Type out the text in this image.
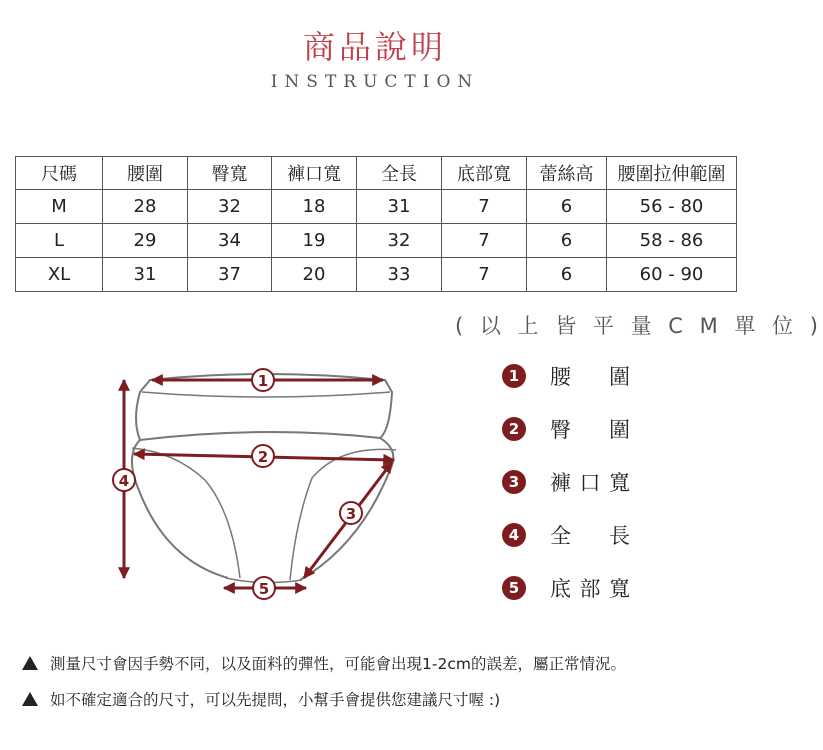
商品說明
INSTRUCTION
尺碼	腰圍	臀寬	褲口寬	全長	底部寬	蕾絲高	腰圍拉伸範圍
M	28	32	18	31	7	6	56 - 80
L	29	34	19	32	7	6	58 - 86
XL	31	37	20	33	7	6	60 - 90
( 以 上 皆 平 量 C M 單 位 )
1
2
3
4
5
1	腰 圍
2	臀 圍
3	褲 口 寬
4	全 長
5	底 部 寬
測量尺寸會因手勢不同，以及面料的彈性，可能會出現1-2cm的誤差，屬正常情況。
如不確定適合的尺寸，可以先提問，小幫手會提供您建議尺寸喔 :)
